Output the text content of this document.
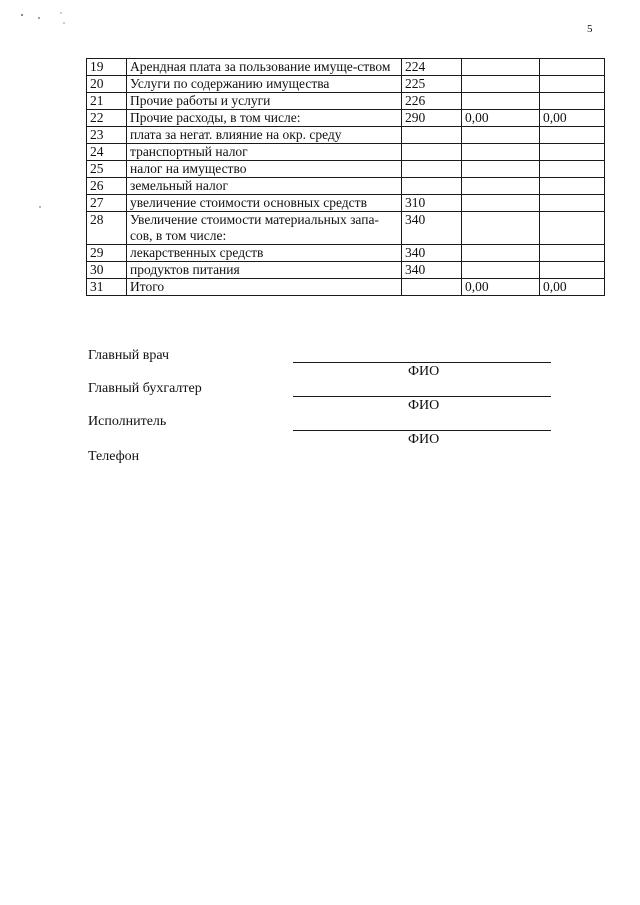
5
19	Арендная плата за пользование имуще-ством	224		
20	Услуги по содержанию имущества	225		
21	Прочие работы и услуги	226		
22	Прочие расходы, в том числе:	290	0,00	0,00
23	плата за негат. влияние на окр. среду			
24	транспортный налог			
25	налог на имущество			
26	земельный налог			
27	увеличение стоимости основных средств	310		
28	Увеличение стоимости материальных запа-сов, в том числе:	340		
29	лекарственных средств	340		
30	продуктов питания	340		
31	Итого		0,00	0,00
Главный врач
ФИО
Главный бухгалтер
ФИО
Исполнитель
ФИО
Телефон
